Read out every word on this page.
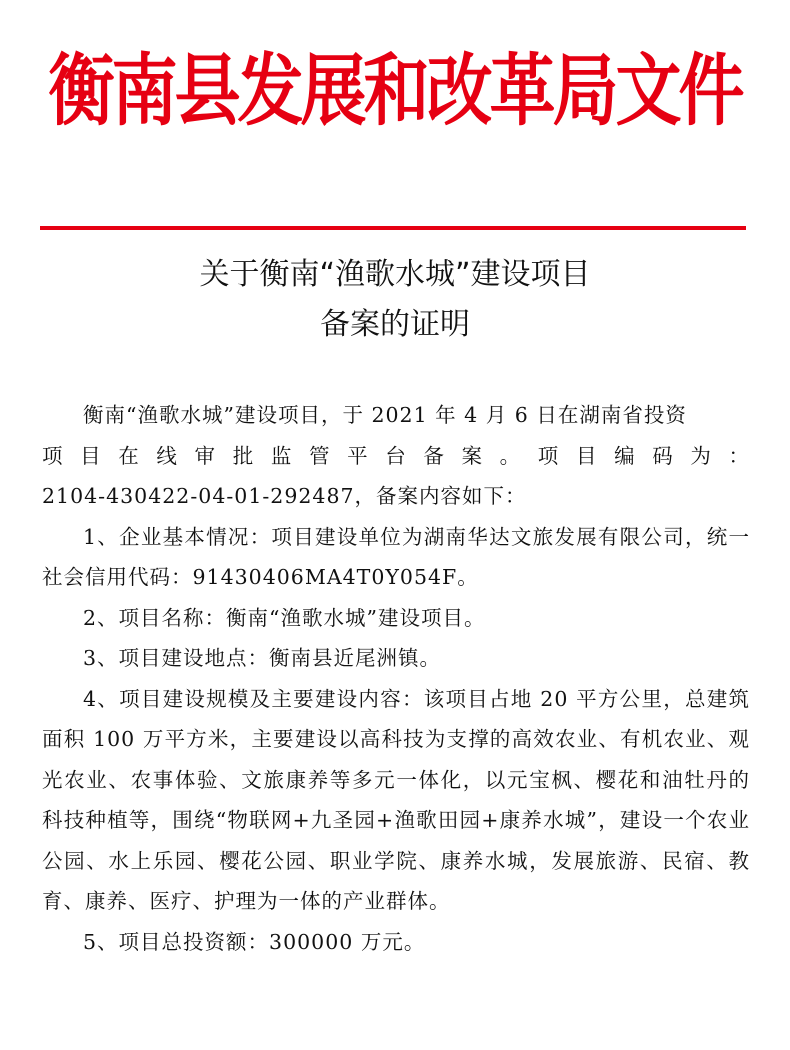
衡南县发展和改革局文件
关于衡南“渔歌水城”建设项目
备案的证明

衡南“渔歌水城”建设项目，于 2021 年 4 月 6 日在湖南省投资

项目在线审批监管平台备案。项目编码为：

2104-430422-04-01-292487，备案内容如下：

1、企业基本情况：项目建设单位为湖南华达文旅发展有限公司，统一社会信用代码：91430406MA4T0Y054F。

2、项目名称：衡南“渔歌水城”建设项目。

3、项目建设地点：衡南县近尾洲镇。

4、项目建设规模及主要建设内容：该项目占地 20 平方公里，总建筑面积 100 万平方米，主要建设以高科技为支撑的高效农业、有机农业、观光农业、农事体验、文旅康养等多元一体化，以元宝枫、樱花和油牡丹的科技种植等，围绕“物联网+九圣园+渔歌田园+康养水城”，建设一个农业公园、水上乐园、樱花公园、职业学院、康养水城，发展旅游、民宿、教育、康养、医疗、护理为一体的产业群体。

5、项目总投资额：300000 万元。
